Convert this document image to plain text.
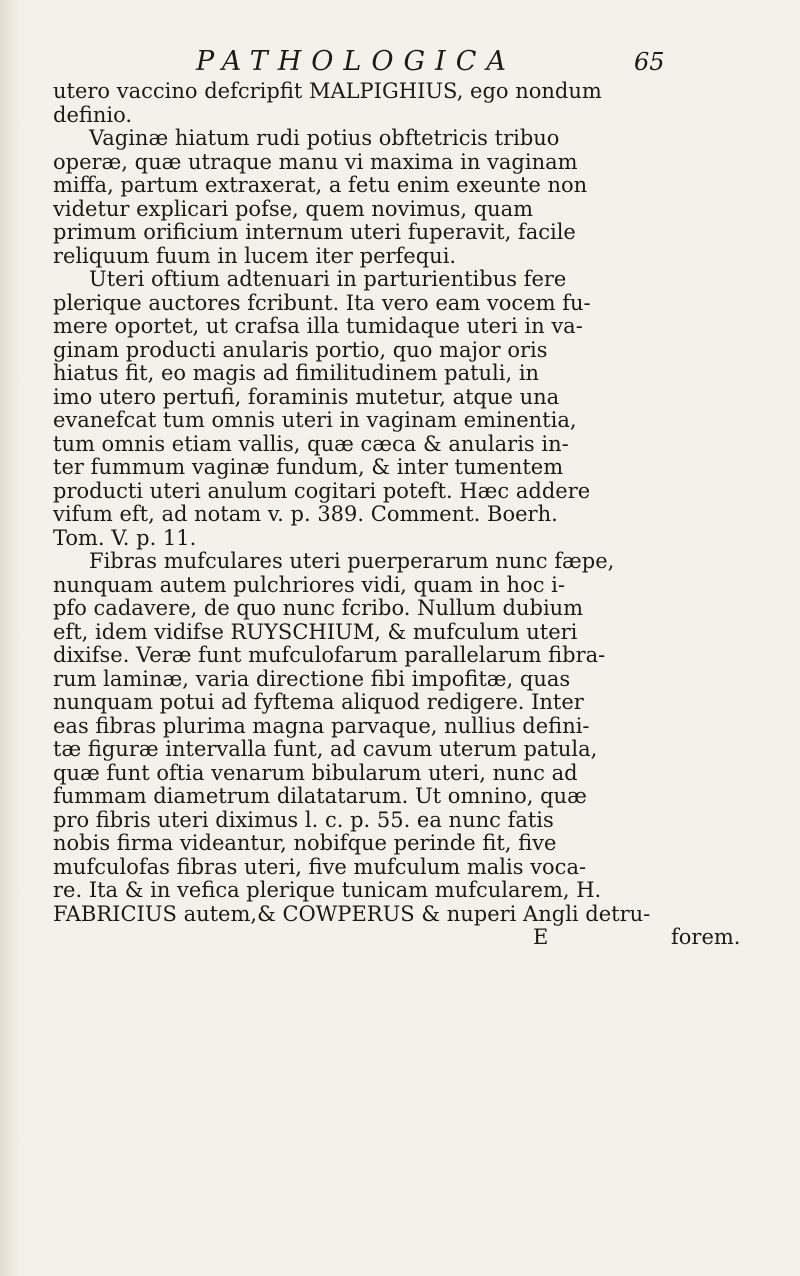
PATHOLOGICA	65
utero vaccino defcripfit MALPIGHIUS, ego nondum
definio.
Vaginæ hiatum rudi potius obftetricis tribuo
operæ, quæ utraque manu vi maxima in vaginam
miffa, partum extraxerat, a fetu enim exeunte non
videtur explicari pofse, quem novimus, quam
primum orificium internum uteri fuperavit, facile
reliquum fuum in lucem iter perfequi.
Uteri oftium adtenuari in parturientibus fere
plerique auctores fcribunt. Ita vero eam vocem fu-
mere oportet, ut crafsa illa tumidaque uteri in va-
ginam producti anularis portio, quo major oris
hiatus fit, eo magis ad fimilitudinem patuli, in
imo utero pertufi, foraminis mutetur, atque una
evanefcat tum omnis uteri in vaginam eminentia,
tum omnis etiam vallis, quæ cæca & anularis in-
ter fummum vaginæ fundum, & inter tumentem
producti uteri anulum cogitari poteft. Hæc addere
vifum eft, ad notam v. p. 389. Comment. Boerh.
Tom. V. p. 11.
Fibras mufculares uteri puerperarum nunc fæpe,
nunquam autem pulchriores vidi, quam in hoc i-
pfo cadavere, de quo nunc fcribo. Nullum dubium
eft, idem vidifse RUYSCHIUM, & mufculum uteri
dixifse. Veræ funt mufculofarum parallelarum fibra-
rum laminæ, varia directione fibi impofitæ, quas
nunquam potui ad fyftema aliquod redigere. Inter
eas fibras plurima magna parvaque, nullius defini-
tæ figuræ intervalla funt, ad cavum uterum patula,
quæ funt oftia venarum bibularum uteri, nunc ad
fummam diametrum dilatatarum. Ut omnino, quæ
pro fibris uteri diximus l. c. p. 55. ea nunc fatis
nobis firma videantur, nobifque perinde fit, five
mufculofas fibras uteri, five mufculum malis voca-
re. Ita & in vefica plerique tunicam mufcularem, H.
FABRICIUS autem,& COWPERUS & nuperi Angli detru-
E	forem.
